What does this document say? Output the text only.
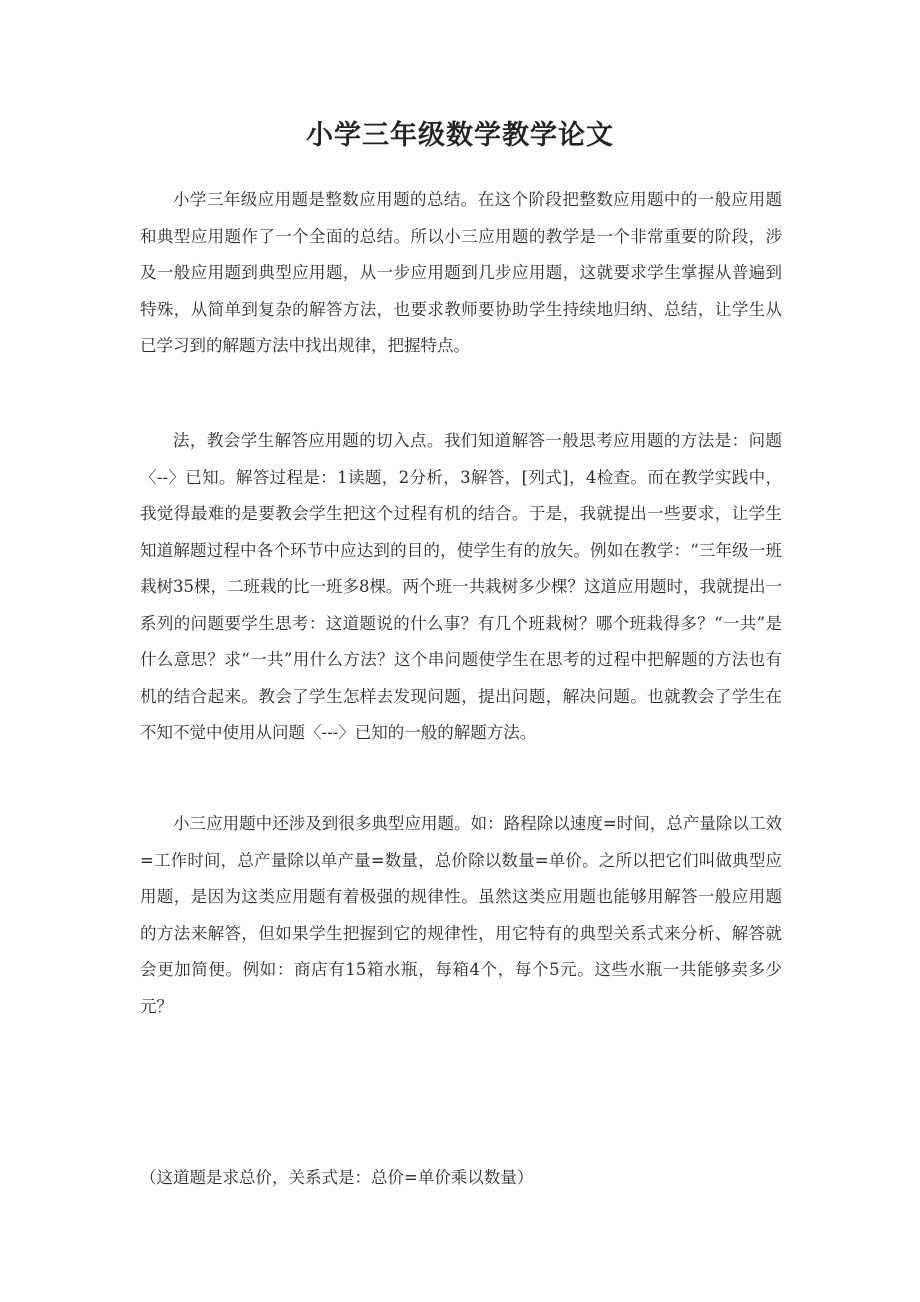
小学三年级数学教学论文

小学三年级应用题是整数应用题的总结。在这个阶段把整数应用题中的一般应用题和典型应用题作了一个全面的总结。所以小三应用题的教学是一个非常重要的阶段，涉及一般应用题到典型应用题，从一步应用题到几步应用题，这就要求学生掌握从普遍到特殊，从简单到复杂的解答方法，也要求教师要协助学生持续地归纳、总结，让学生从已学习到的解题方法中找出规律，把握特点。

法，教会学生解答应用题的切入点。我们知道解答一般思考应用题的方法是：问题〈--〉已知。解答过程是：1读题，2分析，3解答，[列式]，4检查。而在教学实践中，我觉得最难的是要教会学生把这个过程有机的结合。于是，我就提出一些要求，让学生知道解题过程中各个环节中应达到的目的，使学生有的放矢。例如在教学：“三年级一班栽树35棵，二班栽的比一班多8棵。两个班一共栽树多少棵？这道应用题时，我就提出一系列的问题要学生思考：这道题说的什么事？有几个班栽树？哪个班栽得多？“一共”是什么意思？求“一共”用什么方法？这个串问题使学生在思考的过程中把解题的方法也有机的结合起来。教会了学生怎样去发现问题，提出问题，解决问题。也就教会了学生在不知不觉中使用从问题〈---〉已知的一般的解题方法。

小三应用题中还涉及到很多典型应用题。如：路程除以速度=时间，总产量除以工效=工作时间，总产量除以单产量=数量，总价除以数量=单价。之所以把它们叫做典型应用题，是因为这类应用题有着极强的规律性。虽然这类应用题也能够用解答一般应用题的方法来解答，但如果学生把握到它的规律性，用它特有的典型关系式来分析、解答就会更加简便。例如：商店有15箱水瓶，每箱4个，每个5元。这些水瓶一共能够卖多少元？

（这道题是求总价，关系式是：总价=单价乘以数量）
